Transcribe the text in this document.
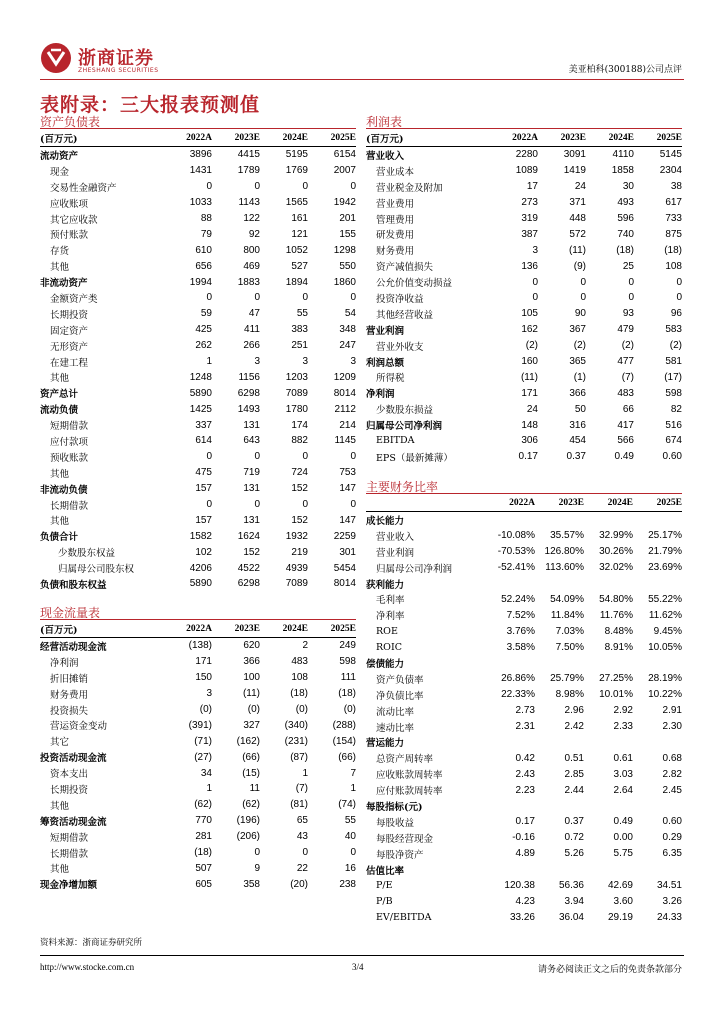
浙商证券
ZHESHANG SECURITIES	美亚柏科(300188)公司点评
表附录：三大报表预测值
资产负债表
(百万元)	2022A	2023E	2024E	2025E
流动资产	3896	4415	5195	6154
现金	1431	1789	1769	2007
交易性金融资产	0	0	0	0
应收账项	1033	1143	1565	1942
其它应收款	88	122	161	201
预付账款	79	92	121	155
存货	610	800	1052	1298
其他	656	469	527	550
非流动资产	1994	1883	1894	1860
金额资产类	0	0	0	0
长期投资	59	47	55	54
固定资产	425	411	383	348
无形资产	262	266	251	247
在建工程	1	3	3	3
其他	1248	1156	1203	1209
资产总计	5890	6298	7089	8014
流动负债	1425	1493	1780	2112
短期借款	337	131	174	214
应付款项	614	643	882	1145
预收账款	0	0	0	0
其他	475	719	724	753
非流动负债	157	131	152	147
长期借款	0	0	0	0
其他	157	131	152	147
负债合计	1582	1624	1932	2259
少数股东权益	102	152	219	301
归属母公司股东权	4206	4522	4939	5454
负债和股东权益	5890	6298	7089	8014
现金流量表
(百万元)	2022A	2023E	2024E	2025E
经营活动现金流	(138)	620	2	249
净利润	171	366	483	598
折旧摊销	150	100	108	111
财务费用	3	(11)	(18)	(18)
投资损失	(0)	(0)	(0)	(0)
营运资金变动	(391)	327	(340)	(288)
其它	(71)	(162)	(231)	(154)
投资活动现金流	(27)	(66)	(87)	(66)
资本支出	34	(15)	1	7
长期投资	1	11	(7)	1
其他	(62)	(62)	(81)	(74)
筹资活动现金流	770	(196)	65	55
短期借款	281	(206)	43	40
长期借款	(18)	0	0	0
其他	507	9	22	16
现金净增加额	605	358	(20)	238
利润表
(百万元)	2022A	2023E	2024E	2025E
营业收入	2280	3091	4110	5145
营业成本	1089	1419	1858	2304
营业税金及附加	17	24	30	38
营业费用	273	371	493	617
管理费用	319	448	596	733
研发费用	387	572	740	875
财务费用	3	(11)	(18)	(18)
资产减值损失	136	(9)	25	108
公允价值变动损益	0	0	0	0
投资净收益	0	0	0	0
其他经营收益	105	90	93	96
营业利润	162	367	479	583
营业外收支	(2)	(2)	(2)	(2)
利润总额	160	365	477	581
所得税	(11)	(1)	(7)	(17)
净利润	171	366	483	598
少数股东损益	24	50	66	82
归属母公司净利润	148	316	417	516
EBITDA	306	454	566	674
EPS（最新摊薄）	0.17	0.37	0.49	0.60
主要财务比率
	2022A	2023E	2024E	2025E
成长能力				
营业收入	-10.08%	35.57%	32.99%	25.17%
营业利润	-70.53%	126.80%	30.26%	21.79%
归属母公司净利润	-52.41%	113.60%	32.02%	23.69%
获利能力				
毛利率	52.24%	54.09%	54.80%	55.22%
净利率	7.52%	11.84%	11.76%	11.62%
ROE	3.76%	7.03%	8.48%	9.45%
ROIC	3.58%	7.50%	8.91%	10.05%
偿债能力				
资产负债率	26.86%	25.79%	27.25%	28.19%
净负债比率	22.33%	8.98%	10.01%	10.22%
流动比率	2.73	2.96	2.92	2.91
速动比率	2.31	2.42	2.33	2.30
营运能力				
总资产周转率	0.42	0.51	0.61	0.68
应收账款周转率	2.43	2.85	3.03	2.82
应付账款周转率	2.23	2.44	2.64	2.45
每股指标(元)				
每股收益	0.17	0.37	0.49	0.60
每股经营现金	-0.16	0.72	0.00	0.29
每股净资产	4.89	5.26	5.75	6.35
估值比率				
P/E	120.38	56.36	42.69	34.51
P/B	4.23	3.94	3.60	3.26
EV/EBITDA	33.26	36.04	29.19	24.33
资料来源：浙商证券研究所
http://www.stocke.com.cn	3/4	请务必阅读正文之后的免责条款部分
